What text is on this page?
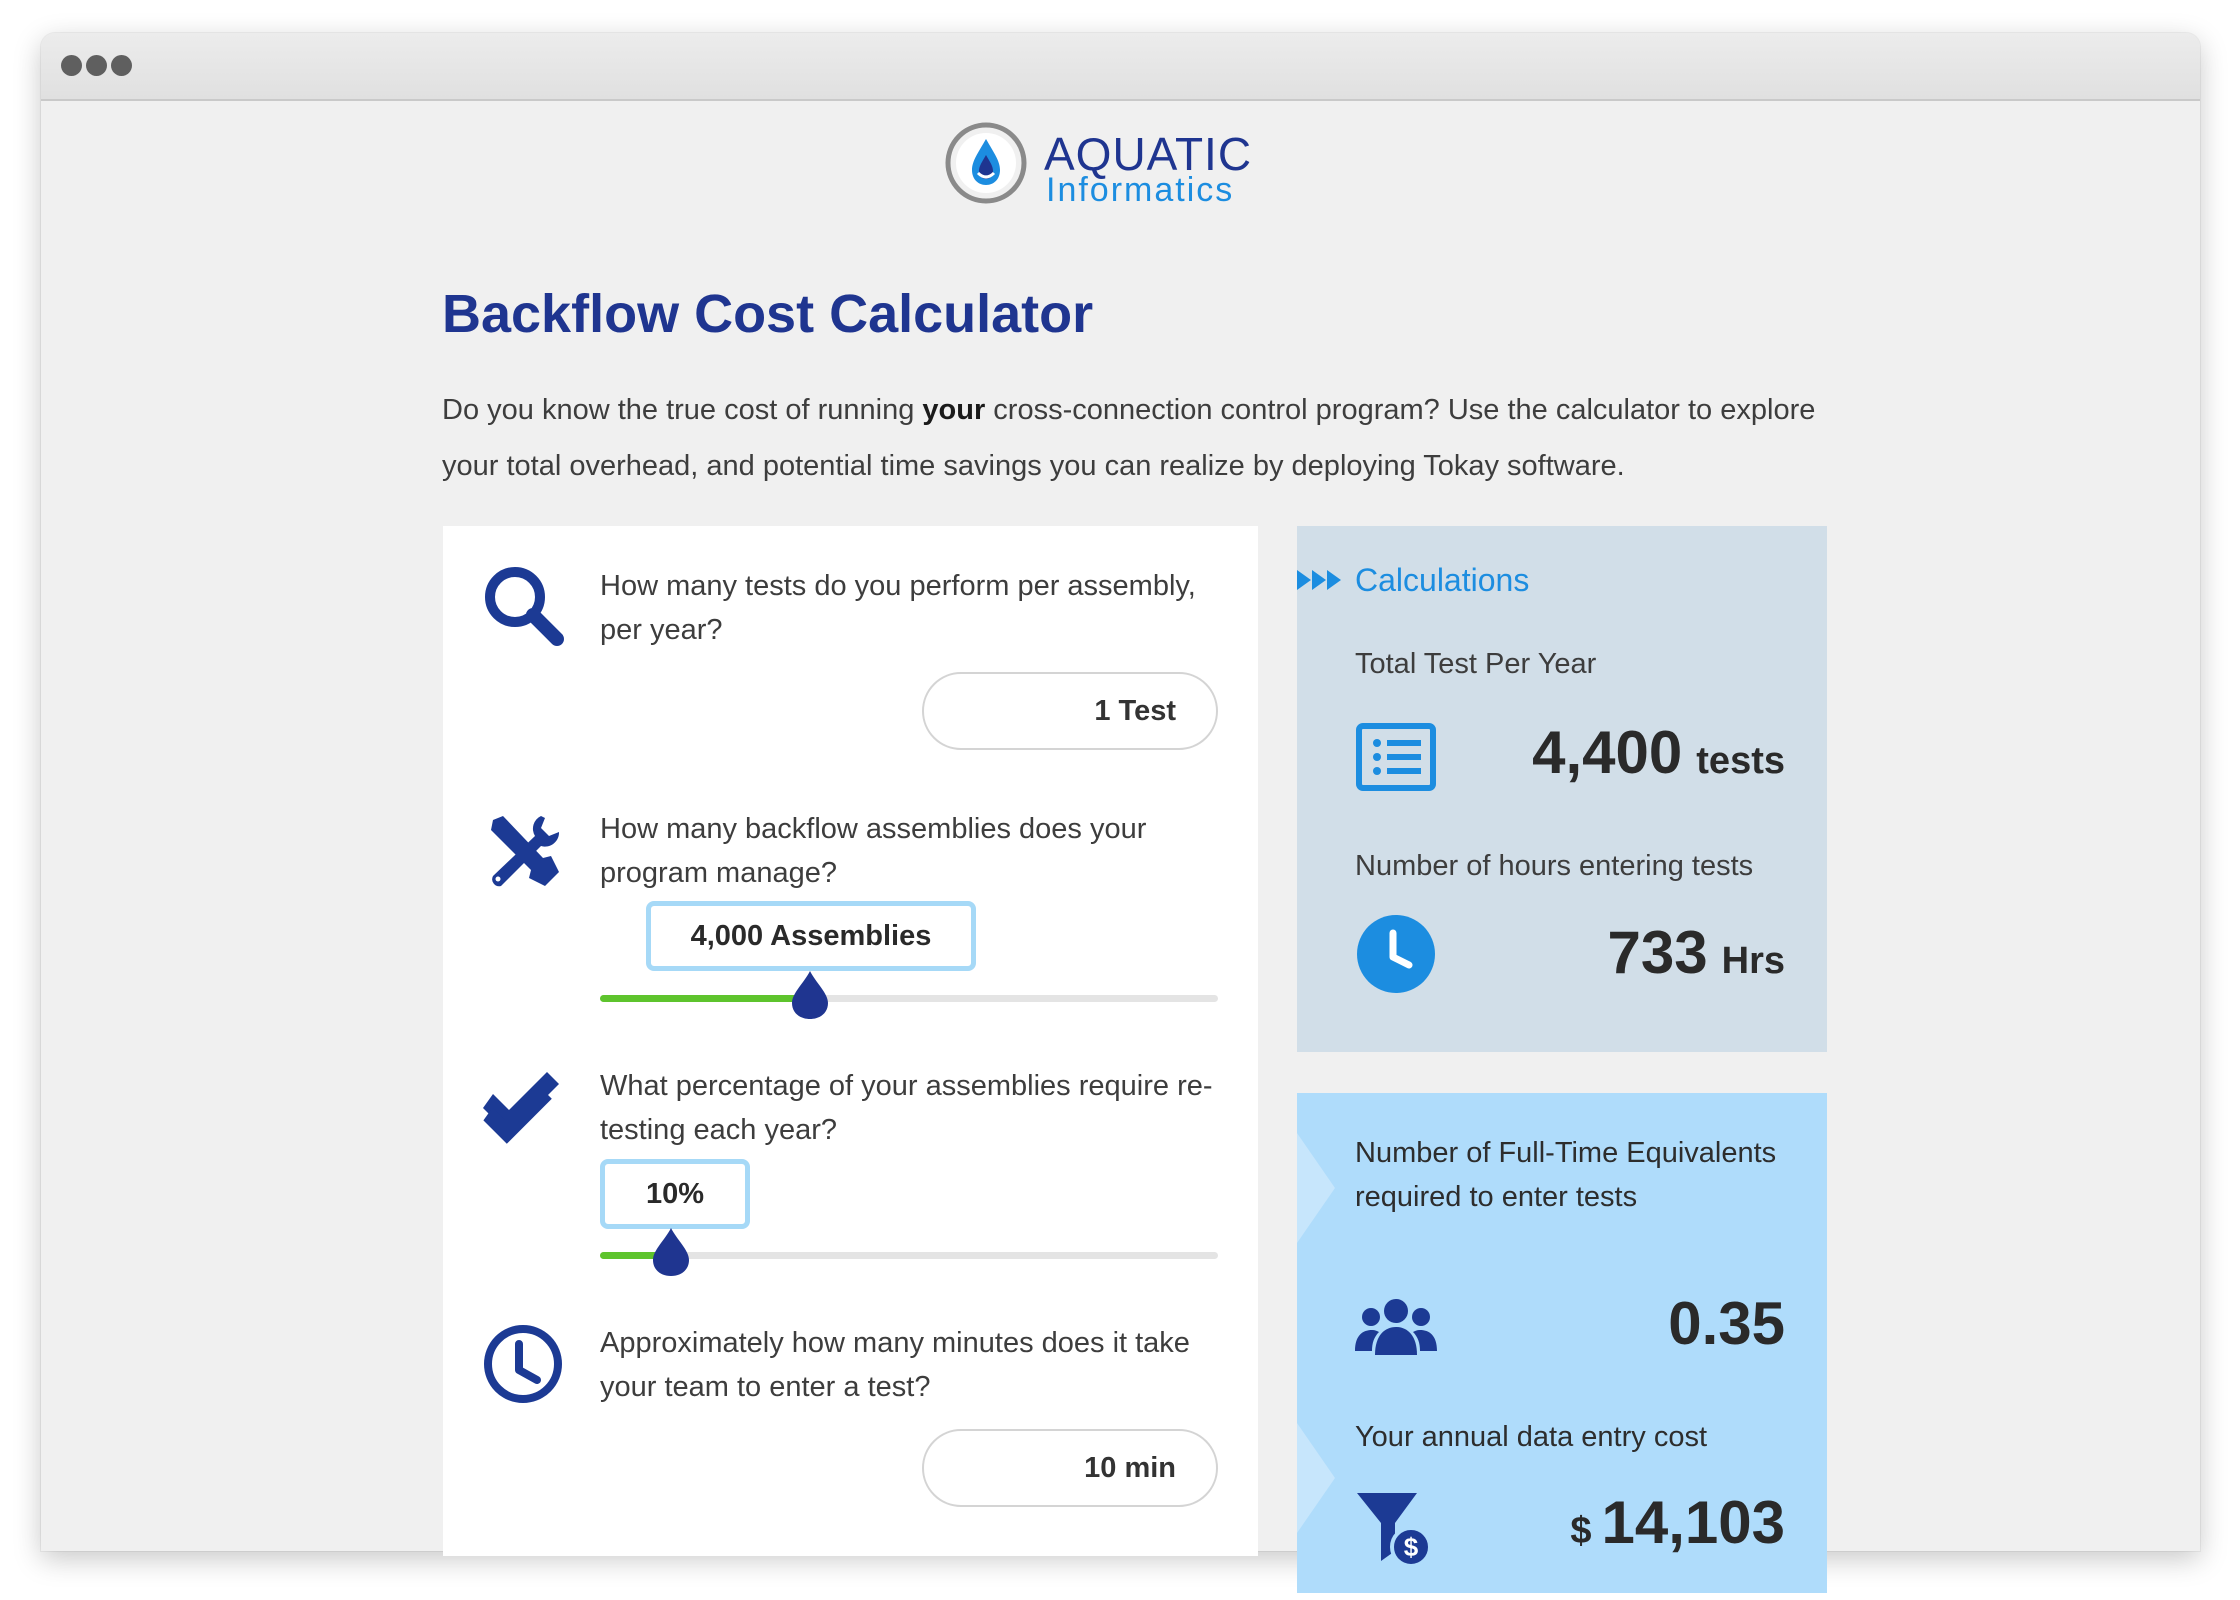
AQUATIC
Informatics
Backflow Cost Calculator

Do you know the true cost of running your cross-connection control program? Use the calculator to explore your total overhead, and potential time savings you can realize by deploying Tokay software.

How many tests do you perform per assembly, per year?
1 Test
How many backflow assemblies does your program manage?
4,000 Assemblies
What percentage of your assemblies require re-testing each year?
10%
Approximately how many minutes does it take your team to enter a test?
10 min
Calculations
Total Test Per Year
4,400 tests
Number of hours entering tests
733 Hrs
Number of Full-Time Equivalents required to enter tests
0.35
Your annual data entry cost
$	$ 14,103
